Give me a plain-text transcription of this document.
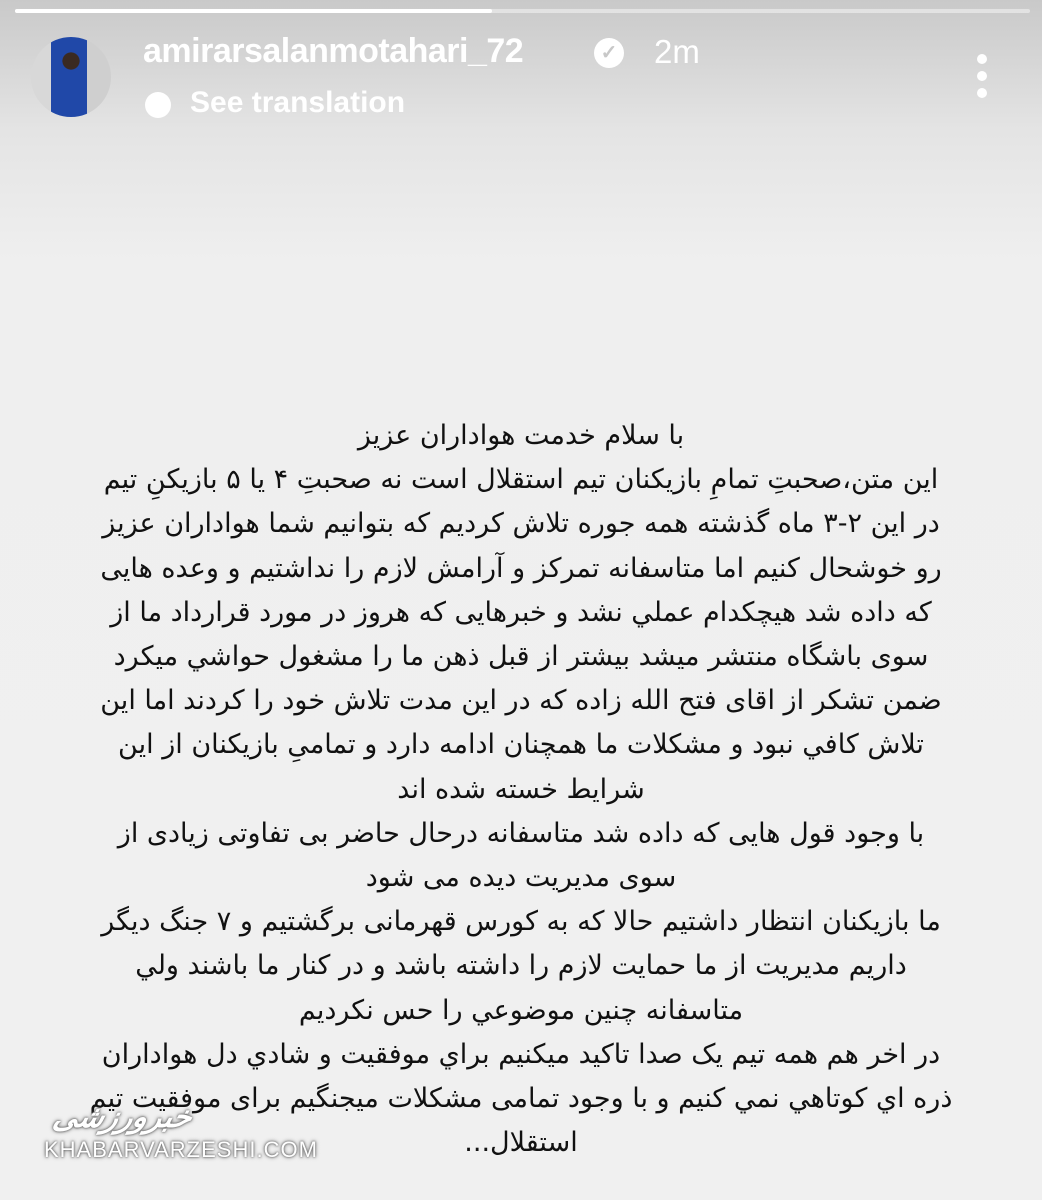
amirarsalanmotahari_72	✓ 2m
See translation
با سلام خدمت هواداران عزیز
این متن،صحبتِ تمامِ بازیکنان تیم استقلال است نه صحبتِ ۴ یا ۵ بازیکنِ تیم
در این ۲-۳ ماه گذشته همه جوره تلاش کردیم که بتوانیم شما هواداران عزیز
رو خوشحال کنیم اما متاسفانه تمرکز و آرامش لازم را نداشتیم و وعده هایی
که داده شد هیچکدام عملي نشد و خبرهایی که هروز در مورد قرارداد ما از
سوی باشگاه منتشر میشد بیشتر از قبل ذهن ما را مشغول حواشي میکرد
ضمن تشکر از اقای فتح الله زاده که در این مدت تلاش خود را کردند اما این
تلاش کافي نبود و مشکلات ما همچنان ادامه دارد و تمامیِ بازیکنان از این
شرایط خسته شده اند
با وجود قول هایی که داده شد متاسفانه درحال حاضر بی تفاوتی زیادی از
سوی مدیریت دیده می شود
ما بازیکنان انتظار داشتیم حالا که به کورس قهرمانی برگشتیم و ۷ جنگ دیگر
داریم مدیریت از ما حمایت لازم را داشته باشد و در کنار ما باشند ولي
متاسفانه چنین موضوعي را حس نکردیم
در اخر هم همه تیم یک صدا تاکید میکنیم براي موفقیت و شادي دل هواداران
ذره اي کوتاهي نمي کنیم و با وجود تمامی مشکلات میجنگیم برای موفقیت تیم
استقلال...
خبرورزشی
KHABARVARZESHI.COM
